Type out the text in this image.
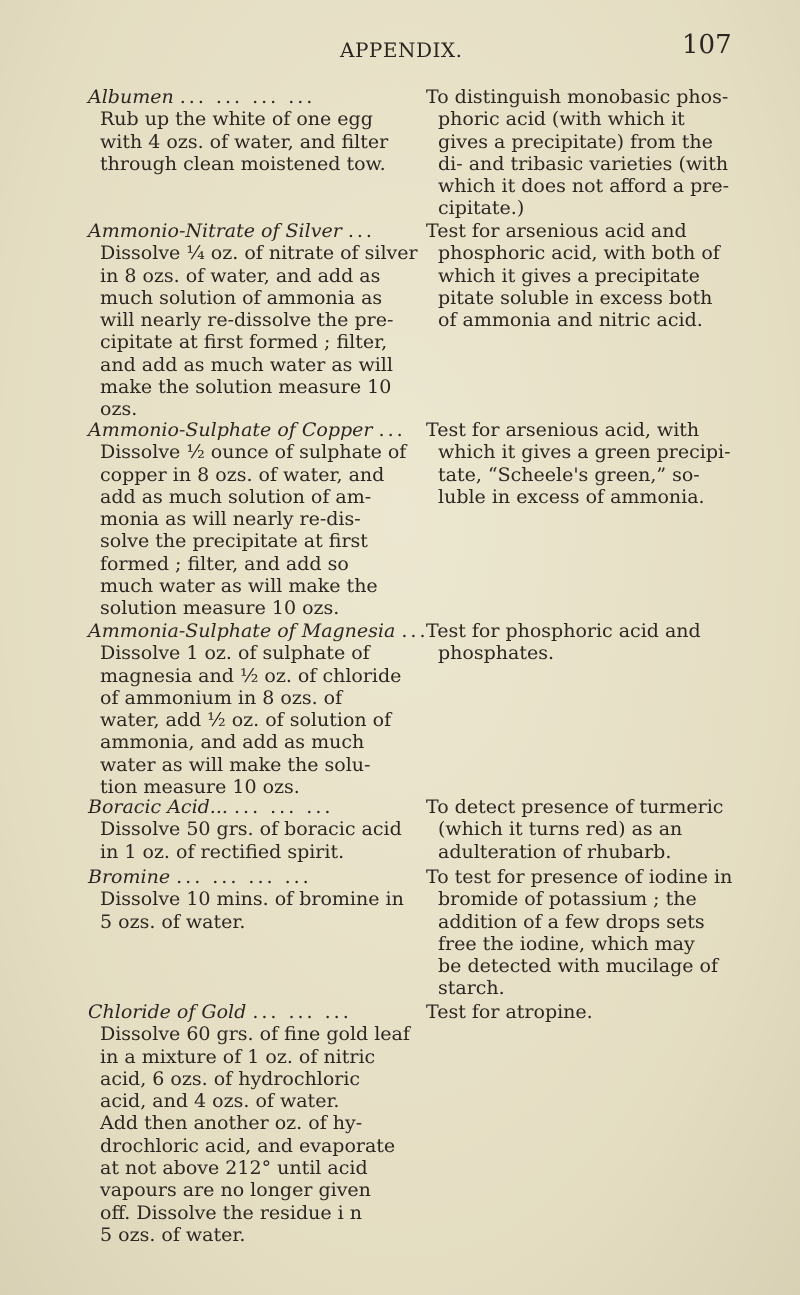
APPENDIX.	107
Albumen ... ... ... ...
Rub up the white of one egg
with 4 ozs. of water, and filter
through clean moistened tow.
To distinguish monobasic phos-
phoric acid (with which it
gives a precipitate) from the
di- and tribasic varieties (with
which it does not afford a pre-
cipitate.)
Ammonio-Nitrate of Silver ...
Dissolve ¼ oz. of nitrate of silver
in 8 ozs. of water, and add as
much solution of ammonia as
will nearly re-dissolve the pre-
cipitate at first formed ; filter,
and add as much water as will
make the solution measure 10
ozs.
Test for arsenious acid and
phosphoric acid, with both of
which it gives a precipitate
pitate soluble in excess both
of ammonia and nitric acid.
Ammonio-Sulphate of Copper ...
Dissolve ½ ounce of sulphate of
copper in 8 ozs. of water, and
add as much solution of am-
monia as will nearly re-dis-
solve the precipitate at first
formed ; filter, and add so
much water as will make the
solution measure 10 ozs.
Test for arsenious acid, with
which it gives a green precipi-
tate, “Scheele's green,” so-
luble in excess of ammonia.
Ammonia-Sulphate of Magnesia ...
Dissolve 1 oz. of sulphate of
magnesia and ½ oz. of chloride
of ammonium in 8 ozs. of
water, add ½ oz. of solution of
ammonia, and add as much
water as will make the solu-
tion measure 10 ozs.
Test for phosphoric acid and
phosphates.
Boracic Acid... ... ... ...
Dissolve 50 grs. of boracic acid
in 1 oz. of rectified spirit.
To detect presence of turmeric
(which it turns red) as an
adulteration of rhubarb.
Bromine ... ... ... ...
Dissolve 10 mins. of bromine in
5 ozs. of water.
To test for presence of iodine in
bromide of potassium ; the
addition of a few drops sets
free the iodine, which may
be detected with mucilage of
starch.
Chloride of Gold ... ... ...
Dissolve 60 grs. of fine gold leaf
in a mixture of 1 oz. of nitric
acid, 6 ozs. of hydrochloric
acid, and 4 ozs. of water.
Add then another oz. of hy-
drochloric acid, and evaporate
at not above 212° until acid
vapours are no longer given
off. Dissolve the residue i n
5 ozs. of water.
Test for atropine.
